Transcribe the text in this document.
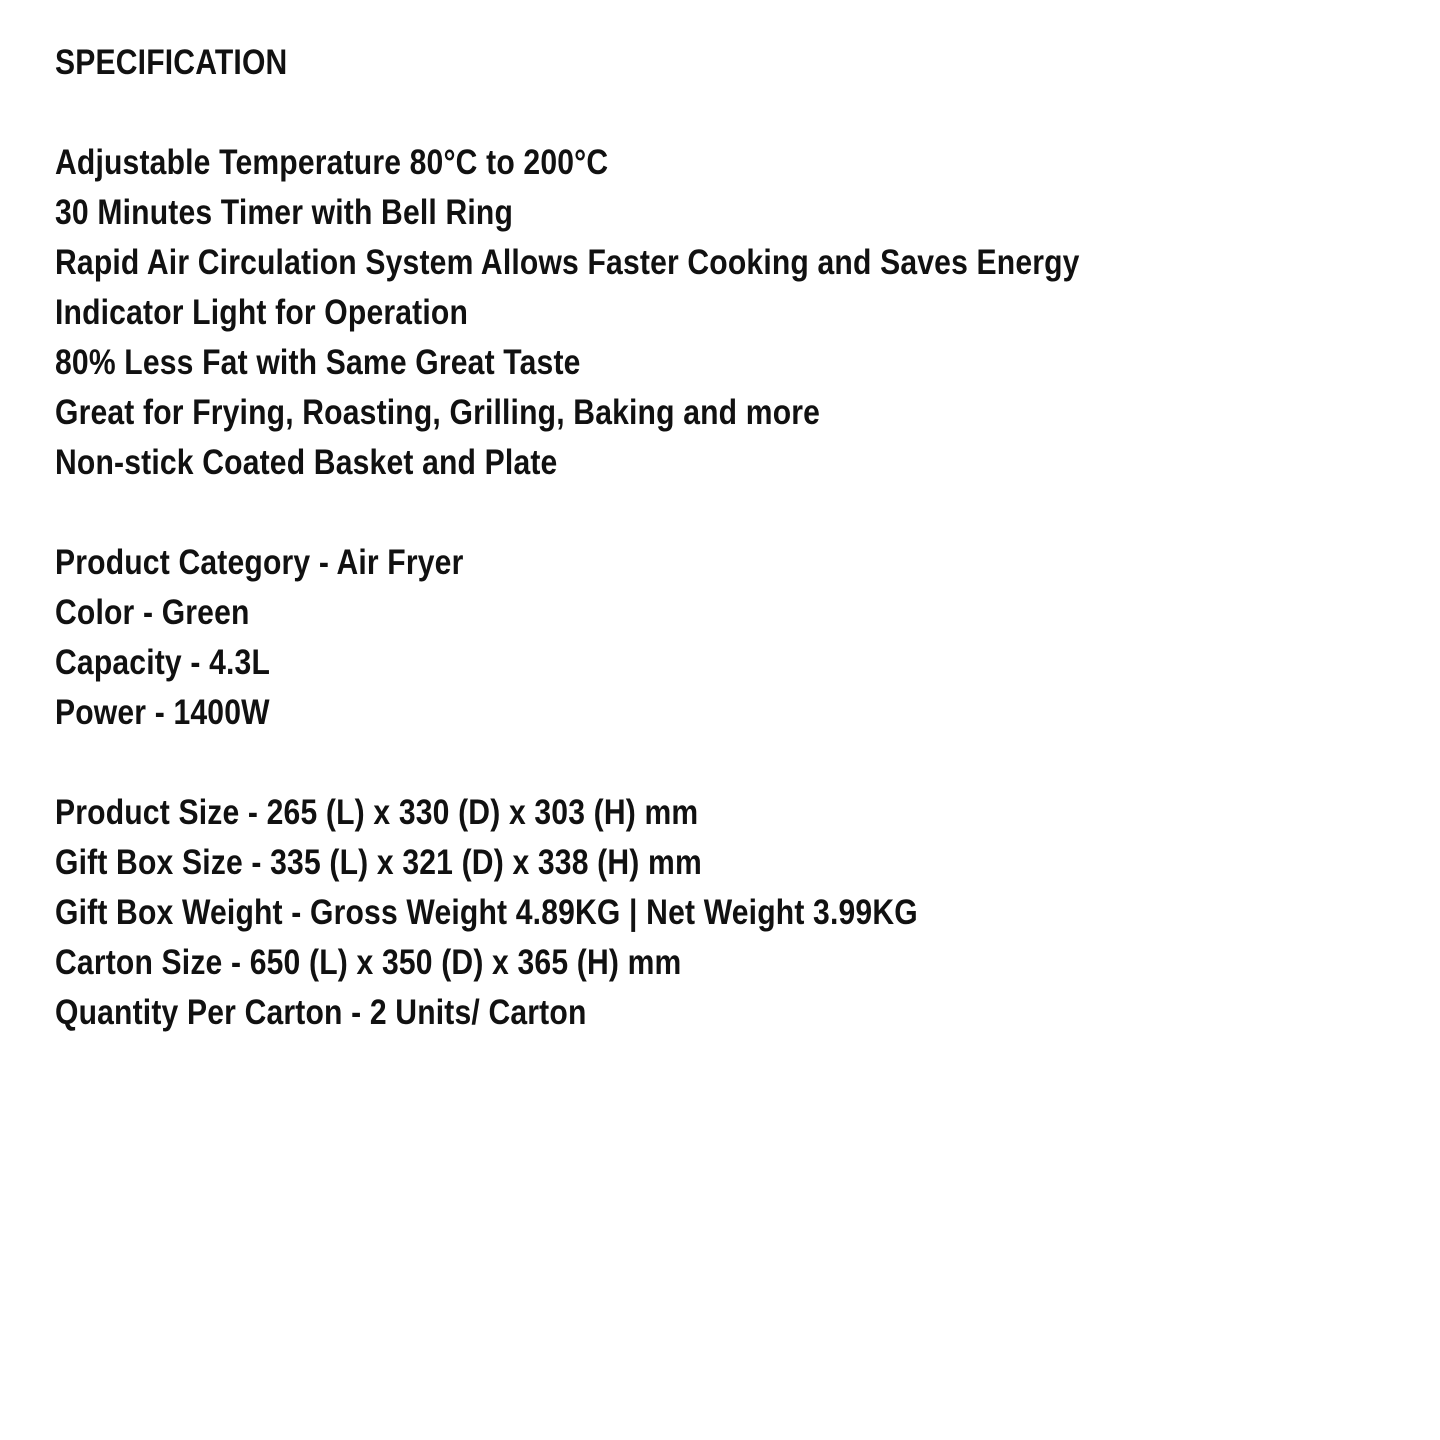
SPECIFICATION
Adjustable Temperature 80°C to 200°C
30 Minutes Timer with Bell Ring
Rapid Air Circulation System Allows Faster Cooking and Saves Energy
Indicator Light for Operation
80% Less Fat with Same Great Taste
Great for Frying, Roasting, Grilling, Baking and more
Non-stick Coated Basket and Plate
Product Category - Air Fryer
Color - Green
Capacity - 4.3L
Power - 1400W
Product Size - 265 (L) x 330 (D) x 303 (H) mm
Gift Box Size - 335 (L) x 321 (D) x 338 (H) mm
Gift Box Weight - Gross Weight 4.89KG | Net Weight 3.99KG
Carton Size - 650 (L) x 350 (D) x 365 (H) mm
Quantity Per Carton - 2 Units/ Carton
